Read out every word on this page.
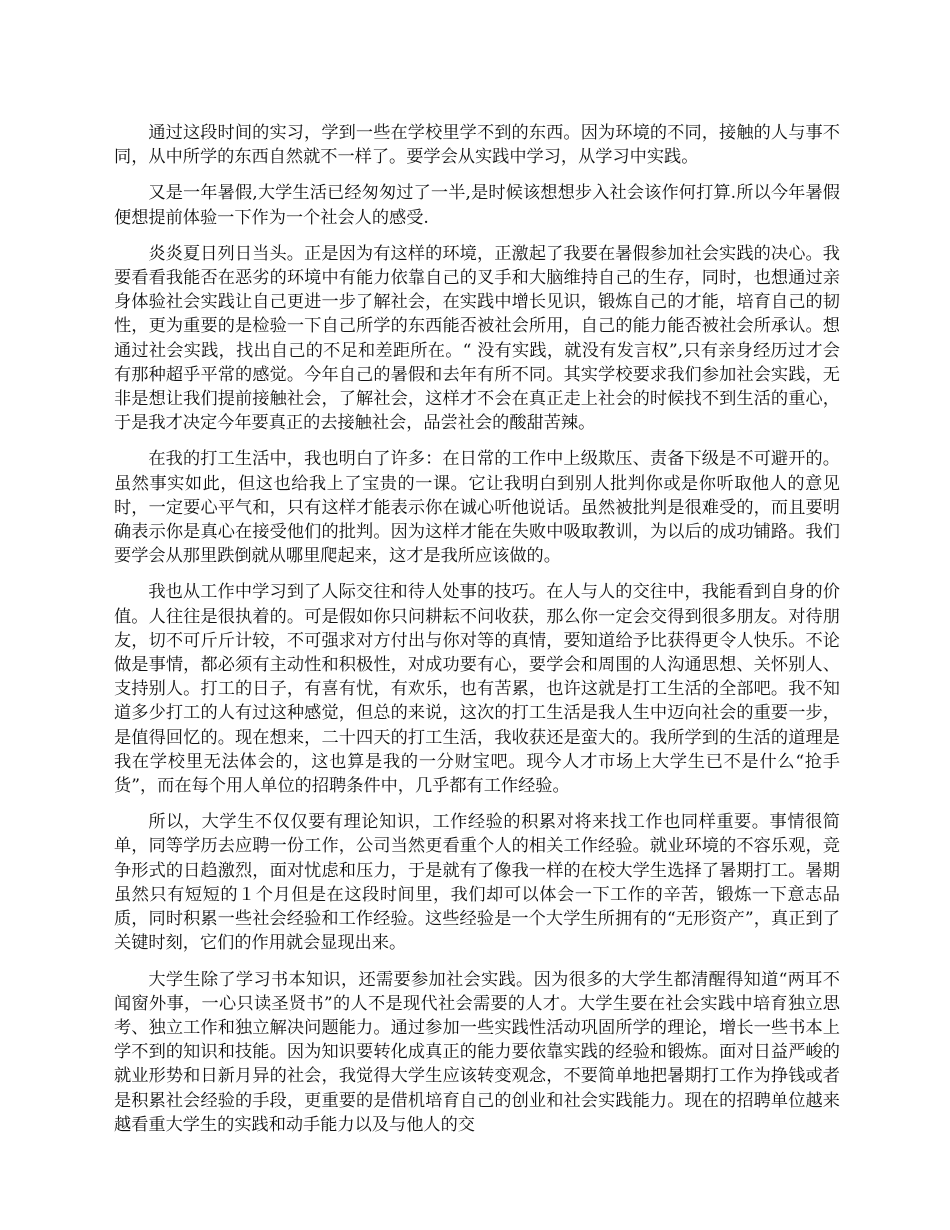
通过这段时间的实习，学到一些在学校里学不到的东西。因为环境的不同，接触的人与事不同，从中所学的东西自然就不一样了。要学会从实践中学习，从学习中实践。

又是一年暑假,大学生活已经匆匆过了一半,是时候该想想步入社会该作何打算.所以今年暑假便想提前体验一下作为一个社会人的感受.

炎炎夏日列日当头。正是因为有这样的环境，正激起了我要在暑假参加社会实践的决心。我要看看我能否在恶劣的环境中有能力依靠自己的叉手和大脑维持自己的生存，同时，也想通过亲身体验社会实践让自己更进一步了解社会，在实践中增长见识，锻炼自己的才能，培育自己的韧性，更为重要的是检验一下自己所学的东西能否被社会所用，自己的能力能否被社会所承认。想通过社会实践，找出自己的不足和差距所在。“ 没有实践，就没有发言权”,只有亲身经历过才会有那种超乎平常的感觉。今年自己的暑假和去年有所不同。其实学校要求我们参加社会实践，无非是想让我们提前接触社会，了解社会，这样才不会在真正走上社会的时候找不到生活的重心，于是我才决定今年要真正的去接触社会，品尝社会的酸甜苦辣。

在我的打工生活中，我也明白了许多：在日常的工作中上级欺压、责备下级是不可避开的。虽然事实如此，但这也给我上了宝贵的一课。它让我明白到别人批判你或是你听取他人的意见时，一定要心平气和，只有这样才能表示你在诚心听他说话。虽然被批判是很难受的，而且要明确表示你是真心在接受他们的批判。因为这样才能在失败中吸取教训，为以后的成功铺路。我们要学会从那里跌倒就从哪里爬起来，这才是我所应该做的。

我也从工作中学习到了人际交往和待人处事的技巧。在人与人的交往中，我能看到自身的价值。人往往是很执着的。可是假如你只问耕耘不问收获，那么你一定会交得到很多朋友。对待朋友，切不可斤斤计较，不可强求对方付出与你对等的真情，要知道给予比获得更令人快乐。不论做是事情，都必须有主动性和积极性，对成功要有心，要学会和周围的人沟通思想、关怀别人、支持别人。打工的日子，有喜有忧，有欢乐，也有苦累，也许这就是打工生活的全部吧。我不知道多少打工的人有过这种感觉，但总的来说，这次的打工生活是我人生中迈向社会的重要一步，是值得回忆的。现在想来，二十四天的打工生活，我收获还是蛮大的。我所学到的生活的道理是我在学校里无法体会的，这也算是我的一分财宝吧。现今人才市场上大学生已不是什么“抢手货”，而在每个用人单位的招聘条件中，几乎都有工作经验。

所以，大学生不仅仅要有理论知识，工作经验的积累对将来找工作也同样重要。事情很简单，同等学历去应聘一份工作，公司当然更看重个人的相关工作经验。就业环境的不容乐观，竞争形式的日趋激烈，面对忧虑和压力，于是就有了像我一样的在校大学生选择了暑期打工。暑期虽然只有短短的１个月但是在这段时间里，我们却可以体会一下工作的辛苦，锻炼一下意志品质，同时积累一些社会经验和工作经验。这些经验是一个大学生所拥有的“无形资产”，真正到了关键时刻，它们的作用就会显现出来。

大学生除了学习书本知识，还需要参加社会实践。因为很多的大学生都清醒得知道“两耳不闻窗外事，一心只读圣贤书”的人不是现代社会需要的人才。大学生要在社会实践中培育独立思考、独立工作和独立解决问题能力。通过参加一些实践性活动巩固所学的理论，增长一些书本上学不到的知识和技能。因为知识要转化成真正的能力要依靠实践的经验和锻炼。面对日益严峻的就业形势和日新月异的社会，我觉得大学生应该转变观念，不要简单地把暑期打工作为挣钱或者是积累社会经验的手段，更重要的是借机培育自己的创业和社会实践能力。现在的招聘单位越来越看重大学生的实践和动手能力以及与他人的交
